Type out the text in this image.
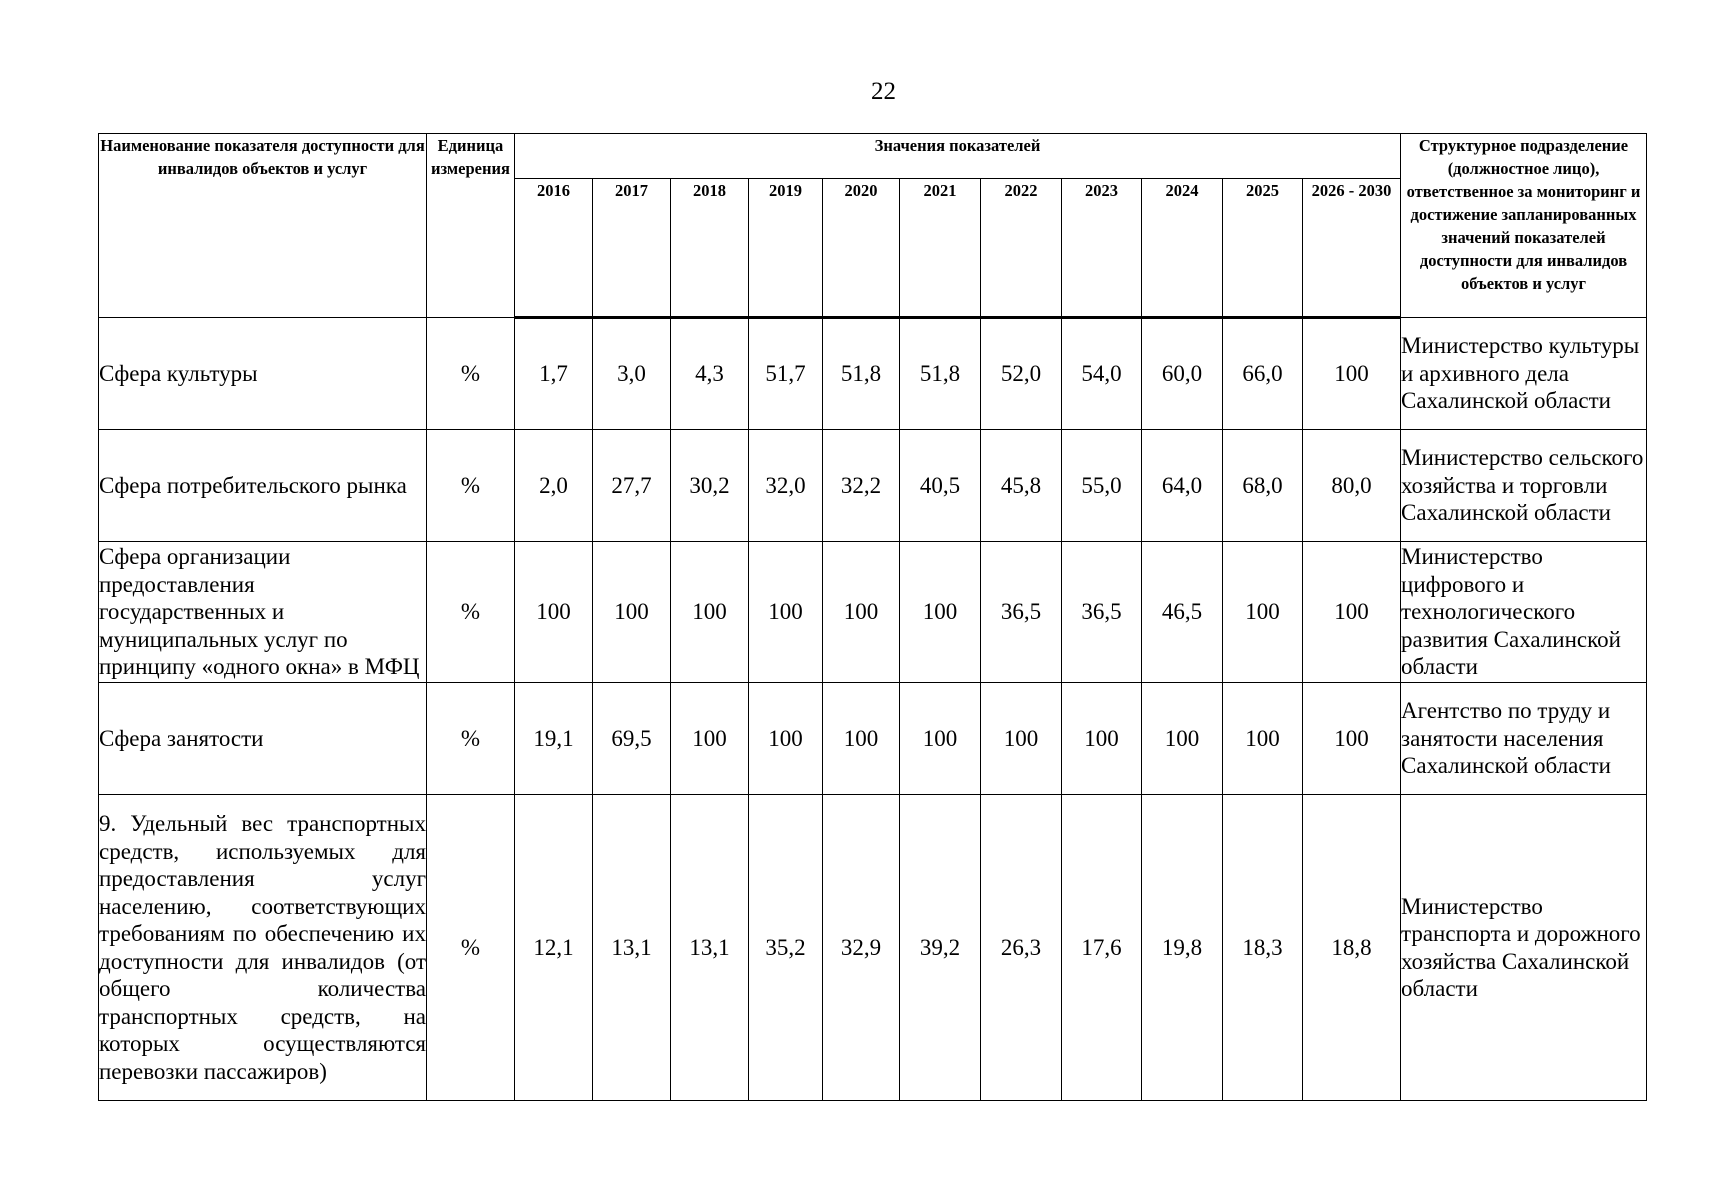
22
Наименование показателя доступности для инвалидов объектов и услуг	Единица измерения	Значения показателей											Структурное подразделение (должностное лицо), ответственное за мониторинг и достижение запланированных значений показателей доступности для инвалидов объектов и услуг
		2016	2017	2018	2019	2020	2021	2022	2023	2024	2025	2026 - 2030	
Сфера культуры	%	1,7	3,0	4,3	51,7	51,8	51,8	52,0	54,0	60,0	66,0	100	Министерство культуры и архивного дела Сахалинской области
Сфера потребительского рынка	%	2,0	27,7	30,2	32,0	32,2	40,5	45,8	55,0	64,0	68,0	80,0	Министерство сельского хозяйства и торговли Сахалинской области
Сфера организации предоставления государственных и муниципальных услуг по принципу «одного окна» в МФЦ	%	100	100	100	100	100	100	36,5	36,5	46,5	100	100	Министерство цифрового и технологического развития Сахалинской области
Сфера занятости	%	19,1	69,5	100	100	100	100	100	100	100	100	100	Агентство по труду и занятости населения Сахалинской области
9. Удельный вес транспортных средств, используемых для предоставления услуг населению, соответствующих требованиям по обеспечению их доступности для инвалидов (от общего количества транспортных средств, на которых осуществляются перевозки пассажиров)	%	12,1	13,1	13,1	35,2	32,9	39,2	26,3	17,6	19,8	18,3	18,8	Министерство транспорта и дорожного хозяйства Сахалинской области
